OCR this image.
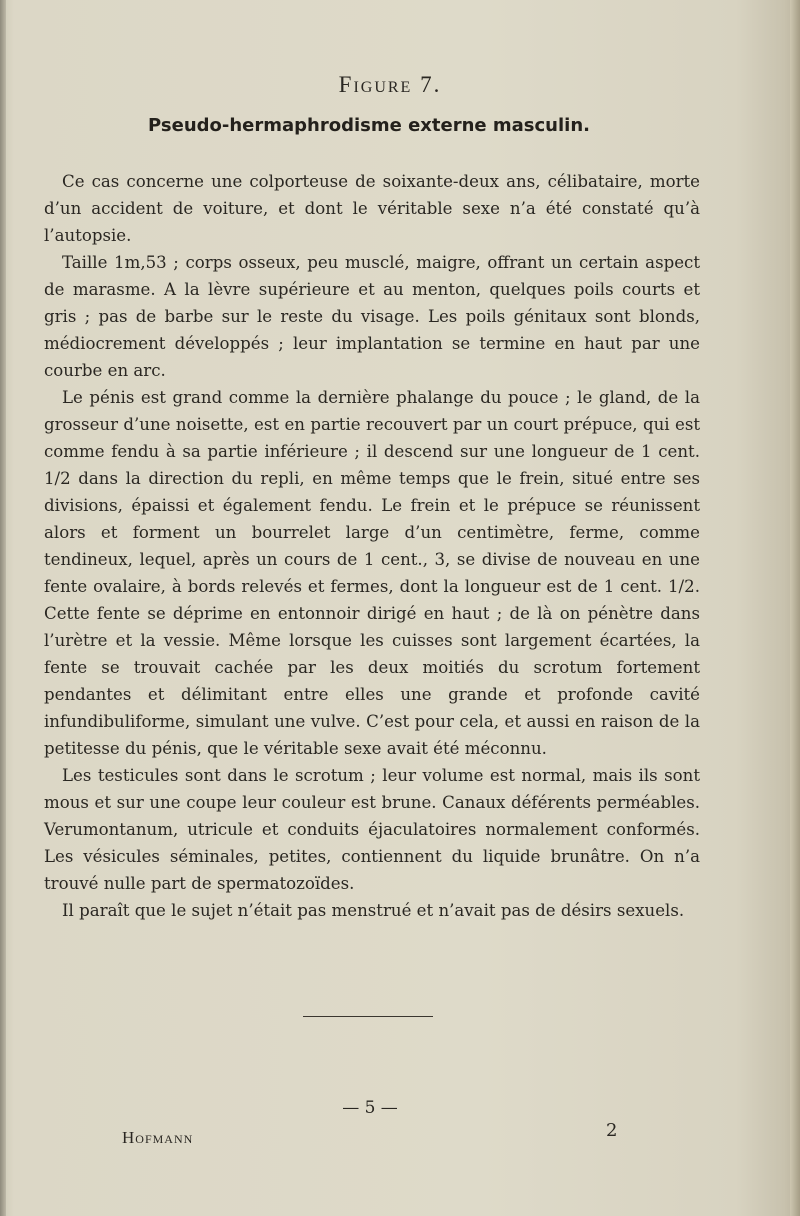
Figure 7.
Pseudo-hermaphrodisme externe masculin.

Ce cas concerne une colporteuse de soixante-deux ans, célibataire, morte d’un accident de voiture, et dont le véritable sexe n’a été constaté qu’à l’autopsie.

Taille 1m,53 ; corps osseux, peu musclé, maigre, offrant un certain aspect de marasme. A la lèvre supérieure et au menton, quelques poils courts et gris ; pas de barbe sur le reste du visage. Les poils génitaux sont blonds, médiocrement développés ; leur implantation se termine en haut par une courbe en arc.

Le pénis est grand comme la dernière phalange du pouce ; le gland, de la grosseur d’une noisette, est en partie recouvert par un court prépuce, qui est comme fendu à sa partie inférieure ; il descend sur une longueur de 1 cent. 1/2 dans la direction du repli, en même temps que le frein, situé entre ses divisions, épaissi et également fendu. Le frein et le prépuce se réunissent alors et forment un bourrelet large d’un centimètre, ferme, comme tendineux, lequel, après un cours de 1 cent., 3, se divise de nouveau en une fente ovalaire, à bords relevés et fermes, dont la longueur est de 1 cent. 1/2. Cette fente se déprime en entonnoir dirigé en haut ; de là on pénètre dans l’urètre et la vessie. Même lorsque les cuisses sont largement écartées, la fente se trouvait cachée par les deux moitiés du scrotum fortement pendantes et délimitant entre elles une grande et profonde cavité infundibuliforme, simulant une vulve. C’est pour cela, et aussi en raison de la petitesse du pénis, que le véritable sexe avait été méconnu.

Les testicules sont dans le scrotum ; leur volume est normal, mais ils sont mous et sur une coupe leur couleur est brune. Canaux déférents perméables. Verumontanum, utricule et conduits éjaculatoires normalement conformés. Les vésicules séminales, petites, contiennent du liquide brunâtre. On n’a trouvé nulle part de spermatozoïdes.

Il paraît que le sujet n’était pas menstrué et n’avait pas de désirs sexuels.

— 5 —
Hofmann	2
